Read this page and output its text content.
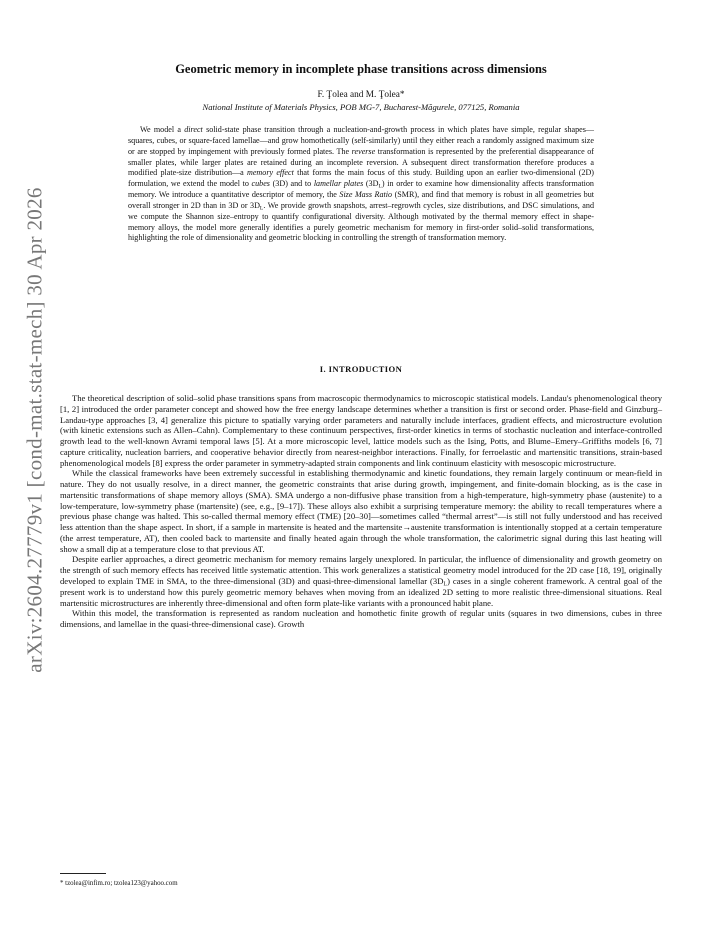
arXiv:2604.27779v1 [cond-mat.stat-mech] 30 Apr 2026
Geometric memory in incomplete phase transitions across dimensions
F. Ţolea and M. Ţolea*
National Institute of Materials Physics, POB MG-7, Bucharest-Măgurele, 077125, Romania

We model a direct solid-state phase transition through a nucleation-and-growth process in which plates have simple, regular shapes—squares, cubes, or square-faced lamellae—and grow homothetically (self-similarly) until they either reach a randomly assigned maximum size or are stopped by impingement with previously formed plates. The reverse transformation is represented by the preferential disappearance of smaller plates, while larger plates are retained during an incomplete reversion. A subsequent direct transformation therefore produces a modified plate-size distribution—a memory effect that forms the main focus of this study. Building upon an earlier two-dimensional (2D) formulation, we extend the model to cubes (3D) and to lamellar plates $(3D_L)$ in order to examine how dimensionality affects transformation memory. We introduce a quantitative descriptor of memory, the Size Mass Ratio (SMR), and find that memory is robust in all geometries but overall stronger in 2D than in 3D or $3D_L$. We provide growth snapshots, arrest–regrowth cycles, size distributions, and DSC simulations, and we compute the Shannon size–entropy to quantify configurational diversity. Although motivated by the thermal memory effect in shape-memory alloys, the model more generally identifies a purely geometric mechanism for memory in first-order solid–solid transformations, highlighting the role of dimensionality and geometric blocking in controlling the strength of transformation memory.

I. INTRODUCTION

The theoretical description of solid–solid phase transitions spans from macroscopic thermodynamics to microscopic statistical models. Landau's phenomenological theory [1, 2] introduced the order parameter concept and showed how the free energy landscape determines whether a transition is first or second order. Phase-field and Ginzburg–Landau-type approaches [3, 4] generalize this picture to spatially varying order parameters and naturally include interfaces, gradient effects, and microstructure evolution (with kinetic extensions such as Allen–Cahn). Complementary to these continuum perspectives, first-order kinetics in terms of stochastic nucleation and interface-controlled growth lead to the well-known Avrami temporal laws [5]. At a more microscopic level, lattice models such as the Ising, Potts, and Blume–Emery–Griffiths models [6, 7] capture criticality, nucleation barriers, and cooperative behavior directly from nearest-neighbor interactions. Finally, for ferroelastic and martensitic transitions, strain-based phenomenological models [8] express the order parameter in symmetry-adapted strain components and link continuum elasticity with mesoscopic microstructure.

While the classical frameworks have been extremely successful in establishing thermodynamic and kinetic foundations, they remain largely continuum or mean-field in nature. They do not usually resolve, in a direct manner, the geometric constraints that arise during growth, impingement, and finite-domain blocking, as is the case in martensitic transformations of shape memory alloys (SMA). SMA undergo a non-diffusive phase transition from a high-temperature, high-symmetry phase (austenite) to a low-temperature, low-symmetry phase (martensite) (see, e.g., [9–17]). These alloys also exhibit a surprising temperature memory: the ability to recall temperatures where a previous phase change was halted. This so-called thermal memory effect (TME) [20–30]—sometimes called “thermal arrest”—is still not fully understood and has received less attention than the shape aspect. In short, if a sample in martensite is heated and the martensite→austenite transformation is intentionally stopped at a certain temperature (the arrest temperature, AT), then cooled back to martensite and finally heated again through the whole transformation, the calorimetric signal during this last heating will show a small dip at a temperature close to that previous AT.

Despite earlier approaches, a direct geometric mechanism for memory remains largely unexplored. In particular, the influence of dimensionality and growth geometry on the strength of such memory effects has received little systematic attention. This work generalizes a statistical geometry model introduced for the 2D case [18, 19], originally developed to explain TME in SMA, to the three-dimensional (3D) and quasi-three-dimensional lamellar $(3D_L)$ cases in a single coherent framework. A central goal of the present work is to understand how this purely geometric memory behaves when moving from an idealized 2D setting to more realistic three-dimensional situations. Real martensitic microstructures are inherently three-dimensional and often form plate-like variants with a pronounced habit plane.

Within this model, the transformation is represented as random nucleation and homothetic finite growth of regular units (squares in two dimensions, cubes in three dimensions, and lamellae in the quasi-three-dimensional case). Growth

* tzolea@infim.ro; tzolea123@yahoo.com
